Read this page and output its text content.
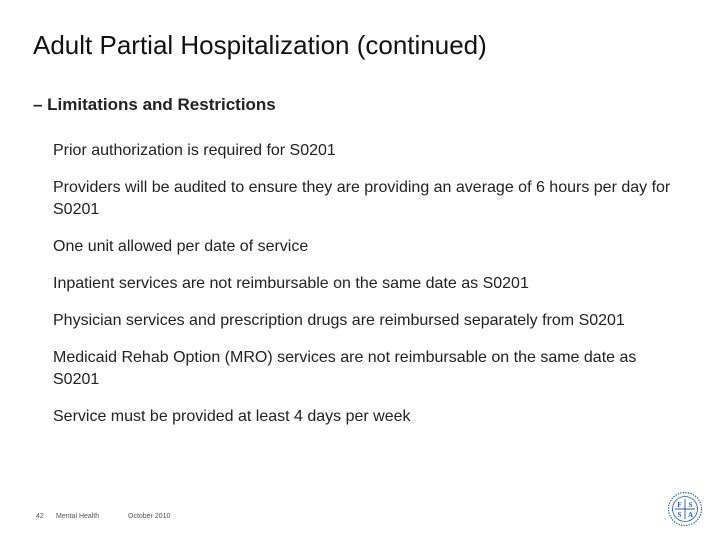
Adult Partial Hospitalization (continued)
– Limitations and Restrictions
Prior authorization is required for S0201
Providers will be audited to ensure they are providing an average of 6 hours per day for S0201
One unit allowed per date of service
Inpatient services are not reimbursable on the same date as S0201
Physician services and prescription drugs are reimbursed separately from S0201
Medicaid Rehab Option (MRO) services are not reimbursable on the same date as S0201
Service must be provided at least 4 days per week
42 Mental Health	October 2010
F S
S A
